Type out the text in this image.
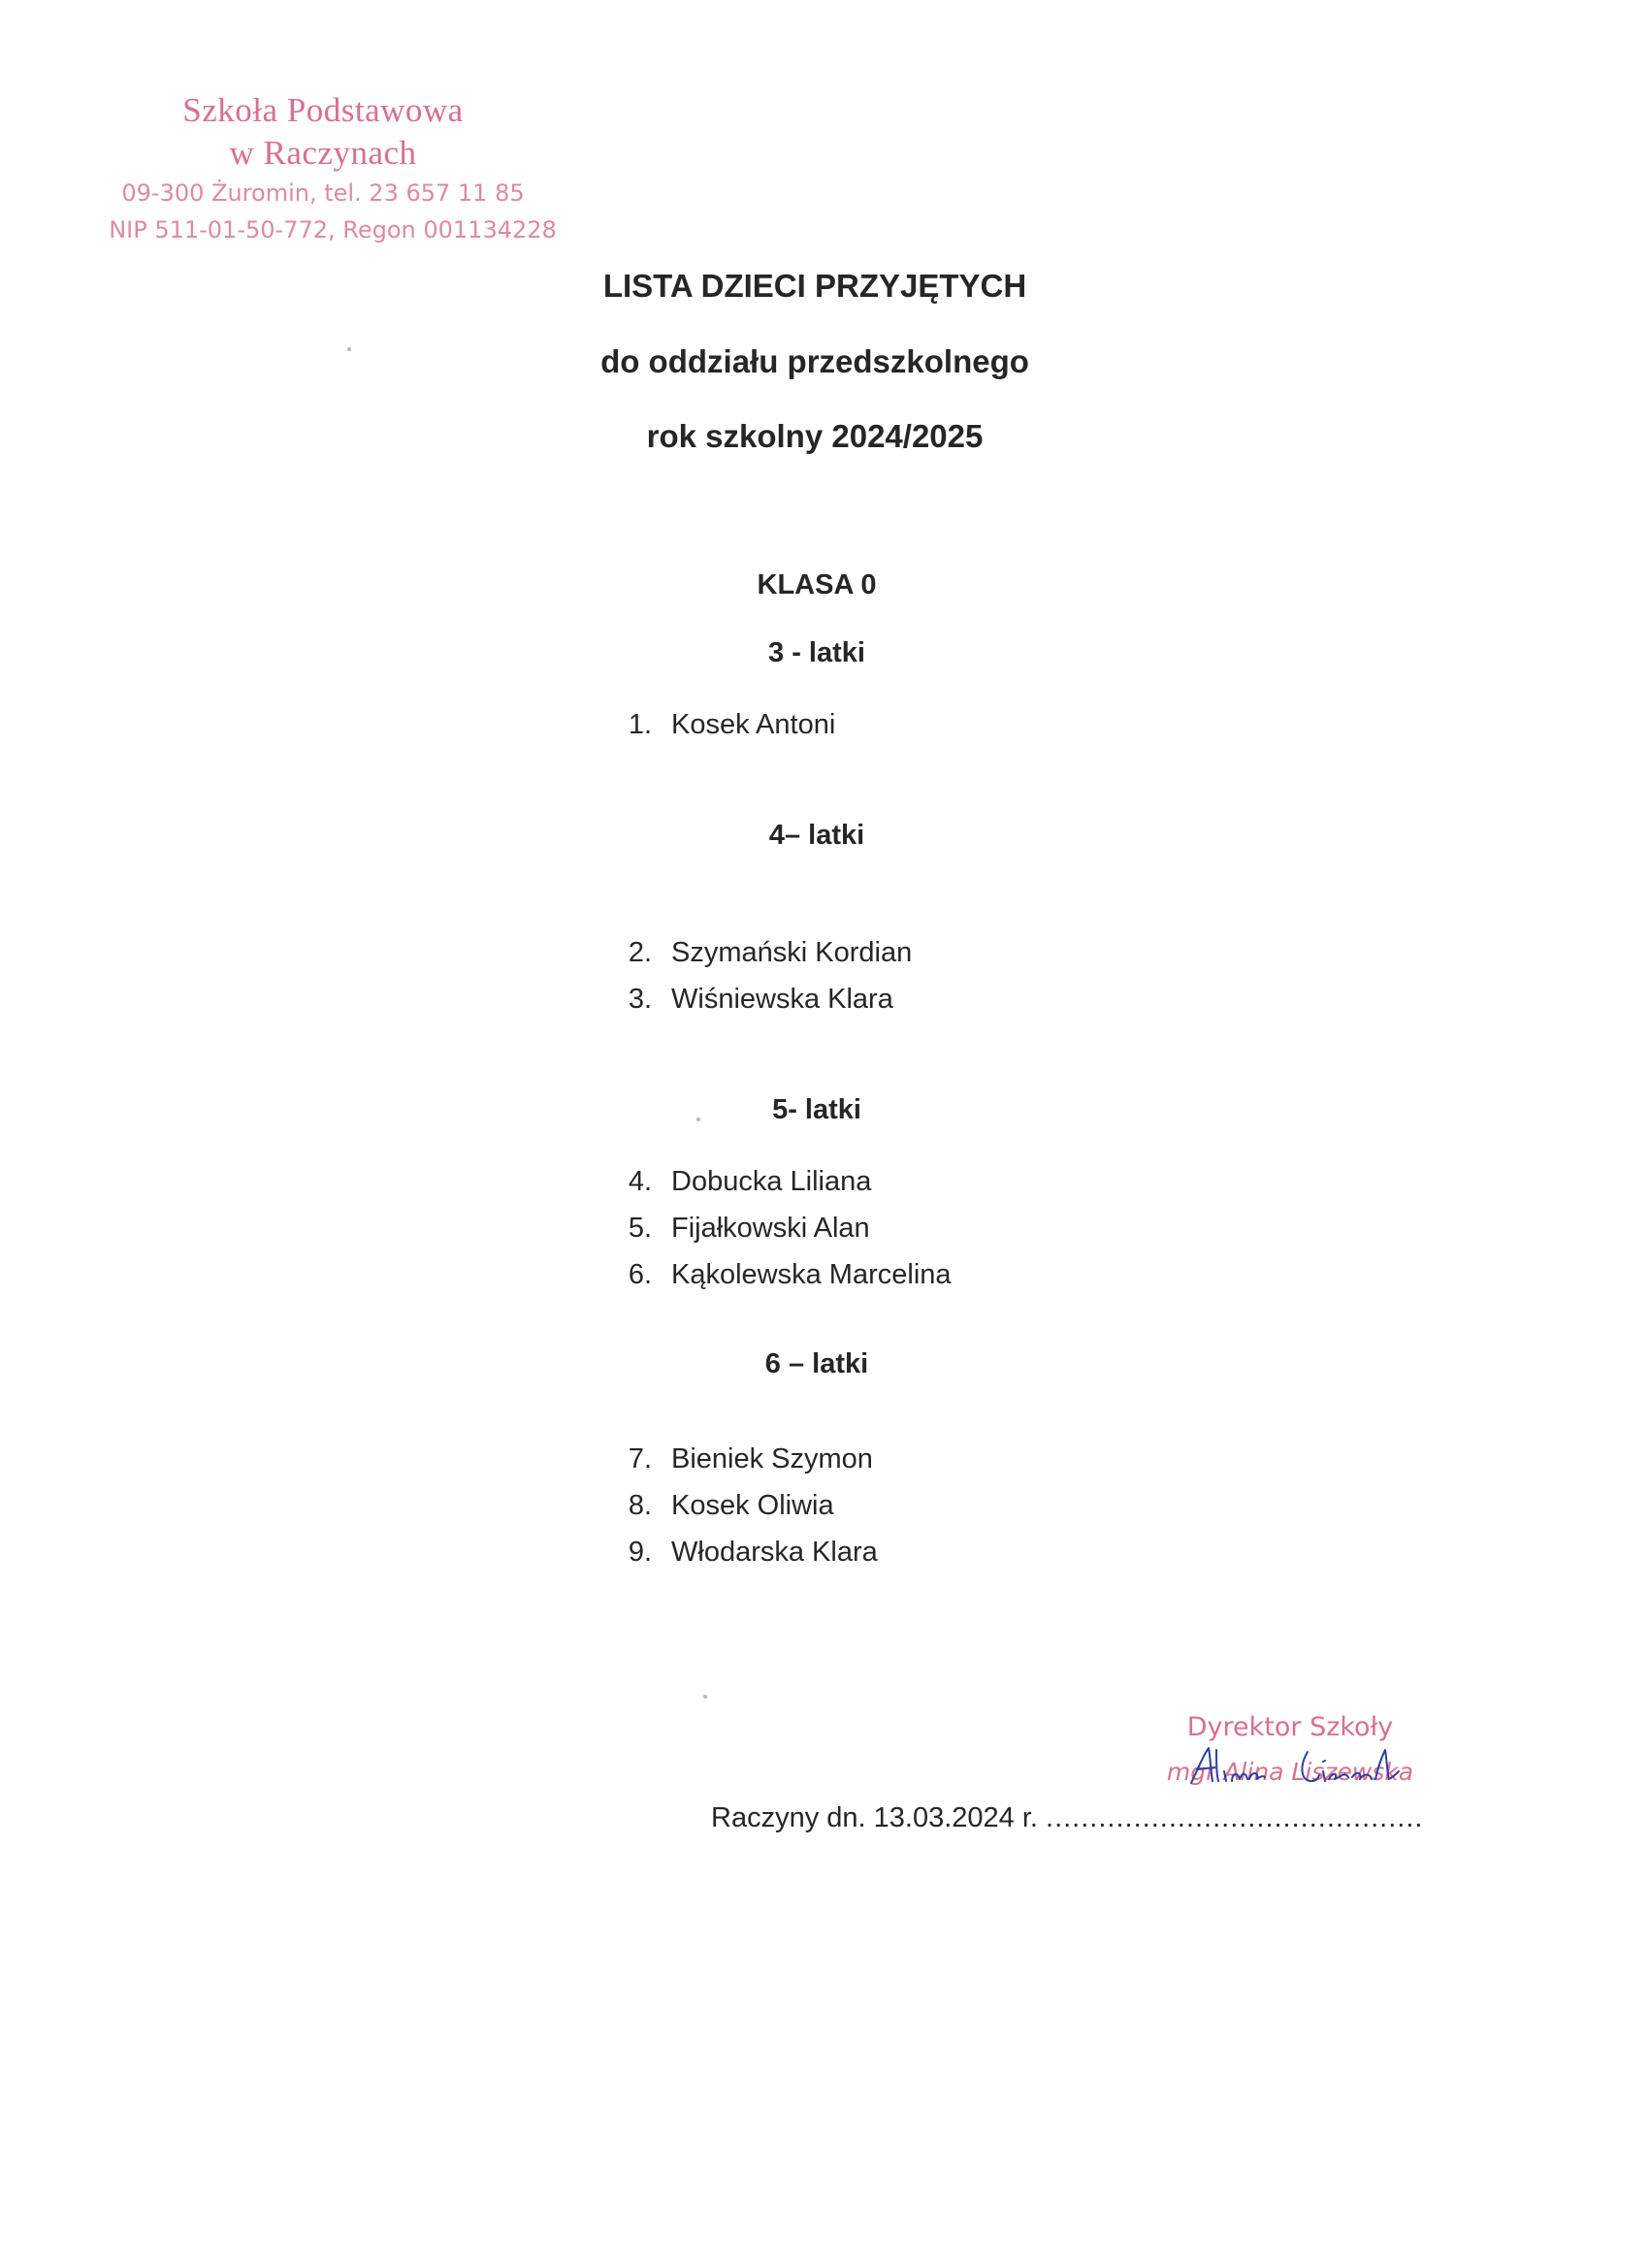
Szkoła Podstawowa
w Raczynach
09-300 Żuromin, tel. 23 657 11 85
NIP 511-01-50-772, Regon 001134228
LISTA DZIECI PRZYJĘTYCH
do oddziału przedszkolnego
rok szkolny 2024/2025
KLASA 0
3 - latki
1. Kosek Antoni
4– latki
2. Szymański Kordian
3. Wiśniewska Klara
5- latki
4. Dobucka Liliana
5. Fijałkowski Alan
6. Kąkolewska Marcelina
6 – latki
7. Bieniek Szymon
8. Kosek Oliwia
9. Włodarska Klara
Dyrektor Szkoły
mgr Alina Liszewska
Raczyny dn. 13.03.2024 r. ...........................................
